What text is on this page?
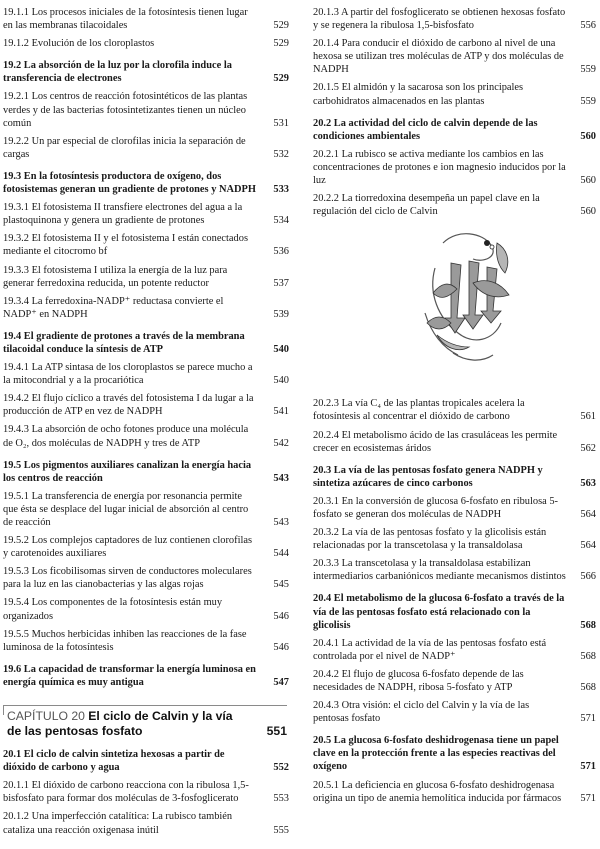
19.1.1 Los procesos iniciales de la fotosíntesis tienen lugar en las membranas tilacoidales	529
19.1.2 Evolución de los cloroplastos	529
19.2 La absorción de la luz por la clorofila induce la transferencia de electrones	529
19.2.1 Los centros de reacción fotosintéticos de las plantas verdes y de las bacterias fotosintetizantes tienen un núcleo común	531
19.2.2 Un par especial de clorofilas inicia la separación de cargas	532
19.3 En la fotosíntesis productora de oxígeno, dos fotosistemas generan un gradiente de protones y NADPH 533
19.3.1 El fotosistema II transfiere electrones del agua a la plastoquinona y genera un gradiente de protones	534
19.3.2 El fotosistema II y el fotosistema I están conectados mediante el citocromo bf	536
19.3.3 El fotosistema I utiliza la energía de la luz para generar ferredoxina reducida, un potente reductor	537
19.3.4 La ferredoxina-NADP⁺ reductasa convierte el NADP⁺ en NADPH	539
19.4 El gradiente de protones a través de la membrana tilacoidal conduce la síntesis de ATP	540
19.4.1 La ATP sintasa de los cloroplastos se parece mucho a la mitocondrial y a la procariótica	540
19.4.2 El flujo cíclico a través del fotosistema I da lugar a la producción de ATP en vez de NADPH	541
19.4.3 La absorción de ocho fotones produce una molécula de O₂, dos moléculas de NADPH y tres de ATP	542
19.5 Los pigmentos auxiliares canalizan la energía hacia los centros de reacción	543
19.5.1 La transferencia de energía por resonancia permite que ésta se desplace del lugar inicial de absorción al centro de reacción	543
19.5.2 Los complejos captadores de luz contienen clorofilas y carotenoides auxiliares	544
19.5.3 Los ficobilisomas sirven de conductores moleculares para la luz en las cianobacterias y las algas rojas	545
19.5.4 Los componentes de la fotosíntesis están muy organizados	546
19.5.5 Muchos herbicidas inhiben las reacciones de la fase luminosa de la fotosíntesis	546
19.6 La capacidad de transformar la energía luminosa en energía química es muy antigua	547
CAPÍTULO 20 El ciclo de Calvin y la vía de las pentosas fosfato	551
20.1 El ciclo de calvin sintetiza hexosas a partir de dióxido de carbono y agua	552
20.1.1 El dióxido de carbono reacciona con la ribulosa 1,5-bisfosfato para formar dos moléculas de 3-fosfoglicerato	553
20.1.2 Una imperfección catalítica: La rubisco también cataliza una reacción oxigenasa inútil	555
20.1.3 A partir del fosfoglicerato se obtienen hexosas fosfato y se regenera la ribulosa 1,5-bisfosfato	556
20.1.4 Para conducir el dióxido de carbono al nivel de una hexosa se utilizan tres moléculas de ATP y dos moléculas de NADPH	559
20.1.5 El almidón y la sacarosa son los principales carbohidratos almacenados en las plantas	559
20.2 La actividad del ciclo de calvin depende de las condiciones ambientales	560
20.2.1 La rubisco se activa mediante los cambios en las concentraciones de protones e ion magnesio inducidos por la luz	560
20.2.2 La tiorredoxina desempeña un papel clave en la regulación del ciclo de Calvin	560
20.2.3 La vía C₄ de las plantas tropicales acelera la fotosíntesis al concentrar el dióxido de carbono	561
20.2.4 El metabolismo ácido de las crasuláceas les permite crecer en ecosistemas áridos	562
20.3 La vía de las pentosas fosfato genera NADPH y sintetiza azúcares de cinco carbonos	563
20.3.1 En la conversión de glucosa 6-fosfato en ribulosa 5-fosfato se generan dos moléculas de NADPH	564
20.3.2 La vía de las pentosas fosfato y la glicolisis están relacionadas por la transcetolasa y la transaldolasa	564
20.3.3 La transcetolasa y la transaldolasa estabilizan intermediarios carbaniónicos mediante mecanismos distintos 566
20.4 El metabolismo de la glucosa 6-fosfato a través de la vía de las pentosas fosfato está relacionado con la glicolisis	568
20.4.1 La actividad de la vía de las pentosas fosfato está controlada por el nivel de NADP⁺	568
20.4.2 El flujo de glucosa 6-fosfato depende de las necesidades de NADPH, ribosa 5-fosfato y ATP	568
20.4.3 Otra visión: el ciclo del Calvin y la vía de las pentosas fosfato	571
20.5 La glucosa 6-fosfato deshidrogenasa tiene un papel clave en la protección frente a las especies reactivas del oxígeno	571
20.5.1 La deficiencia en glucosa 6-fosfato deshidrogenasa origina un tipo de anemia hemolítica inducida por fármacos 571
